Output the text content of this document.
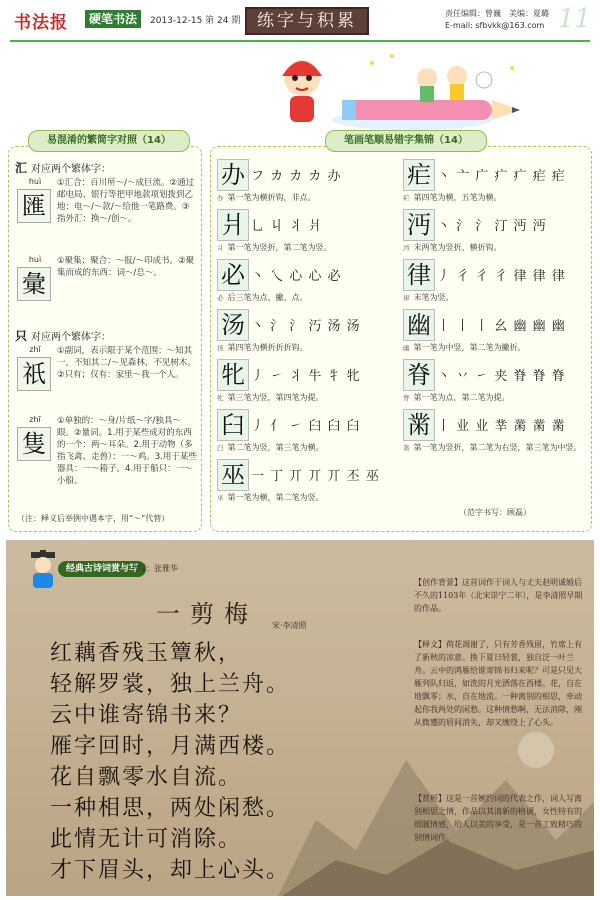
书法报	硬笔书法	2013-12-15 第 24 期 练字与积累	责任编辑：曾巍　美编：夏璐
E-mail: sfbvkk@163.com 11
汇 对应两个繁体字：
huì
匯
①汇合：百川所～/～成巨流。②通过邮电局、银行等把甲地款项划拨到乙地：电～/～款/～给他一笔路费。③指外汇：换～/创～。
huì
彙
①聚集；聚合：～报/～印成书。②聚集而成的东西：词～/总～。
只 对应两个繁体字：
zhǐ
祇
①副词，表示限于某个范围：～知其一，不知其二/～见森林，不见树木。②只有；仅有：家里～我一个人。
zhī
隻
①单独的：～身/片纸～字/独具～眼。②量词。1.用于某些成对的东西的一个：两～耳朵。2.用于动物（多指飞禽、走兽）：一～鸡。3.用于某些器具：一～箱子。4.用于船只：一～小船。
（注：释义后举例中遇本字，用“～”代替）
易混淆的繁简字对照（14）
办 フ カ カ カ 办
办 第一笔为横折钩，非点。
爿 乚 丩 丬 爿
爿 第一笔为竖折，第二笔为竖。
必 丶 乀 心 心 必
必 后三笔为点、撇、点。
汤 丶 氵 氵 汅 汤 汤
汤 第四笔为横折折折钩。
牝 丿 ㇀ 丬 牛 牜 牝
牝 第三笔为竖，第四笔为提。
臼 丿 亻 ㇀ 臼 臼 臼
臼 第二笔为竖，第三笔为横。
巫 一 丁 丌 丌 丌 丕 巫
巫 第一笔为横，第二笔为竖。
疟 丶 亠 广 疒 疒 疟 疟
疟 第四笔为横，五笔为横。
沔 丶 氵 氵 汀 沔 沔
沔 末两笔为竖折、横折钩。
律 丿 彳 彳 彳 律 律 律
律 末笔为竖。
幽 丨 丨 丨 幺 幽 幽 幽
幽 第一笔为中竖，第二笔为撇折。
脊 丶 丷 ㇀ 夹 脊 脊 脊
脊 第一笔为点，第二笔为提。
黹 丨 业 业 丵 黹 黹 黹
黹 第一笔为竖折，第二笔为右竖，第三笔为中竖。
（范字书写：顾磊）
笔画笔顺易错字集锦（14）
经典古诗词赏与写
书写：张雅华
一剪梅 宋·李清照
红藕香残玉簟秋，
轻解罗裳，独上兰舟。
云中谁寄锦书来？
雁字回时，月满西楼。
花自飘零水自流。
一种相思，两处闲愁。
此情无计可消除。
才下眉头，却上心头。
【创作背景】这首词作于词人与丈夫赵明诚婚后不久的1103年（北宋崇宁二年），是李清照早期的作品。
【释文】荷花凋谢了，只有芳香残留，竹席上有了新秋的凉意。换下夏日轻裳，独自泛一叶兰舟。云中的鸿雁给谁寄锦书归来呢？可是只见大雁列队归返，如洗的月光洒落在西楼。花，自在地飘零；水，自在地流。一种离别的相思，牵动起你我两处的闲愁。这种情愁啊，无法消除，刚从微蹙的眉间消失，却又缠绕上了心头。
【赏析】这是一首婉约词的代表之作，词人写离别相思之情，作品以其清新的格调，女性特有的细腻情感，给人以美的享受，是一首工致精巧的别情词作。
